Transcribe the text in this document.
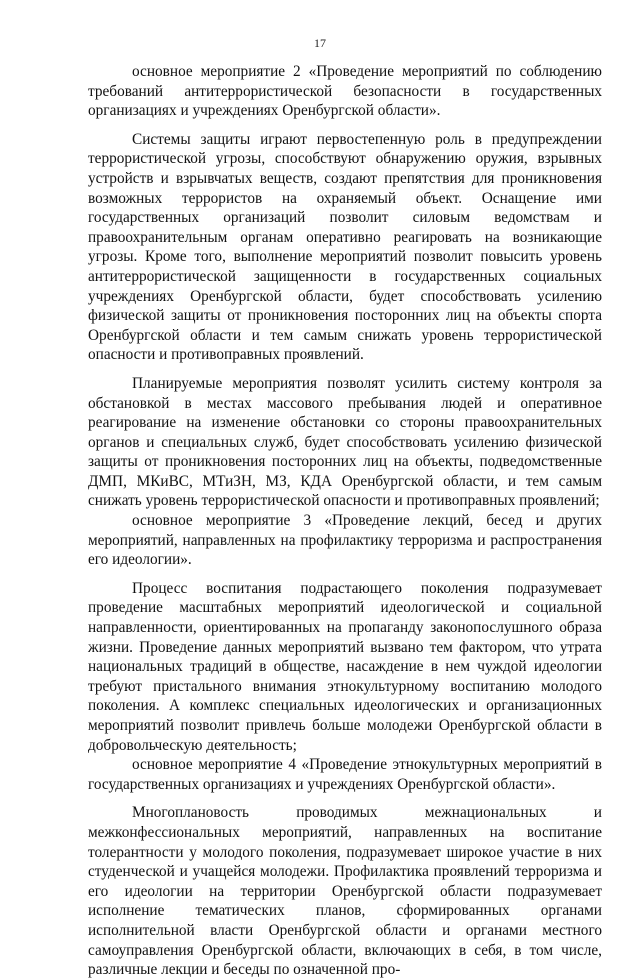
17

основное мероприятие 2 «Проведение мероприятий по соблюдению требований антитеррористической безопасности в государственных организациях и учреждениях Оренбургской области».

Системы защиты играют первостепенную роль в предупреждении террористической угрозы, способствуют обнаружению оружия, взрывных устройств и взрывчатых веществ, создают препятствия для проникновения возможных террористов на охраняемый объект. Оснащение ими государственных организаций позволит силовым ведомствам и правоохранительным органам оперативно реагировать на возникающие угрозы. Кроме того, выполнение мероприятий позволит повысить уровень антитеррористической защищенности в государственных социальных учреждениях Оренбургской области, будет способствовать усилению физической защиты от проникновения посторонних лиц на объекты спорта Оренбургской области и тем самым снижать уровень террористической опасности и противоправных проявлений.

Планируемые мероприятия позволят усилить систему контроля за обстановкой в местах массового пребывания людей и оперативное реагирование на изменение обстановки со стороны правоохранительных органов и специальных служб, будет способствовать усилению физической защиты от проникновения посторонних лиц на объекты, подведомственные ДМП, МКиВС, МТиЗН, МЗ, КДА Оренбургской области, и тем самым снижать уровень террористической опасности и противоправных проявлений;

основное мероприятие 3 «Проведение лекций, бесед и других мероприятий, направленных на профилактику терроризма и распространения его идеологии».

Процесс воспитания подрастающего поколения подразумевает проведение масштабных мероприятий идеологической и социальной направленности, ориентированных на пропаганду законопослушного образа жизни. Проведение данных мероприятий вызвано тем фактором, что утрата национальных традиций в обществе, насаждение в нем чуждой идеологии требуют пристального внимания этнокультурному воспитанию молодого поколения. А комплекс специальных идеологических и организационных мероприятий позволит привлечь больше молодежи Оренбургской области в добровольческую деятельность;

основное мероприятие 4 «Проведение этнокультурных мероприятий в государственных организациях и учреждениях Оренбургской области».

Многоплановость проводимых межнациональных и межконфессиональных мероприятий, направленных на воспитание толерантности у молодого поколения, подразумевает широкое участие в них студенческой и учащейся молодежи. Профилактика проявлений терроризма и его идеологии на территории Оренбургской области подразумевает исполнение тематических планов, сформированных органами исполнительной власти Оренбургской области и органами местного самоуправления Оренбургской области, включающих в себя, в том числе, различные лекции и беседы по означенной про-
